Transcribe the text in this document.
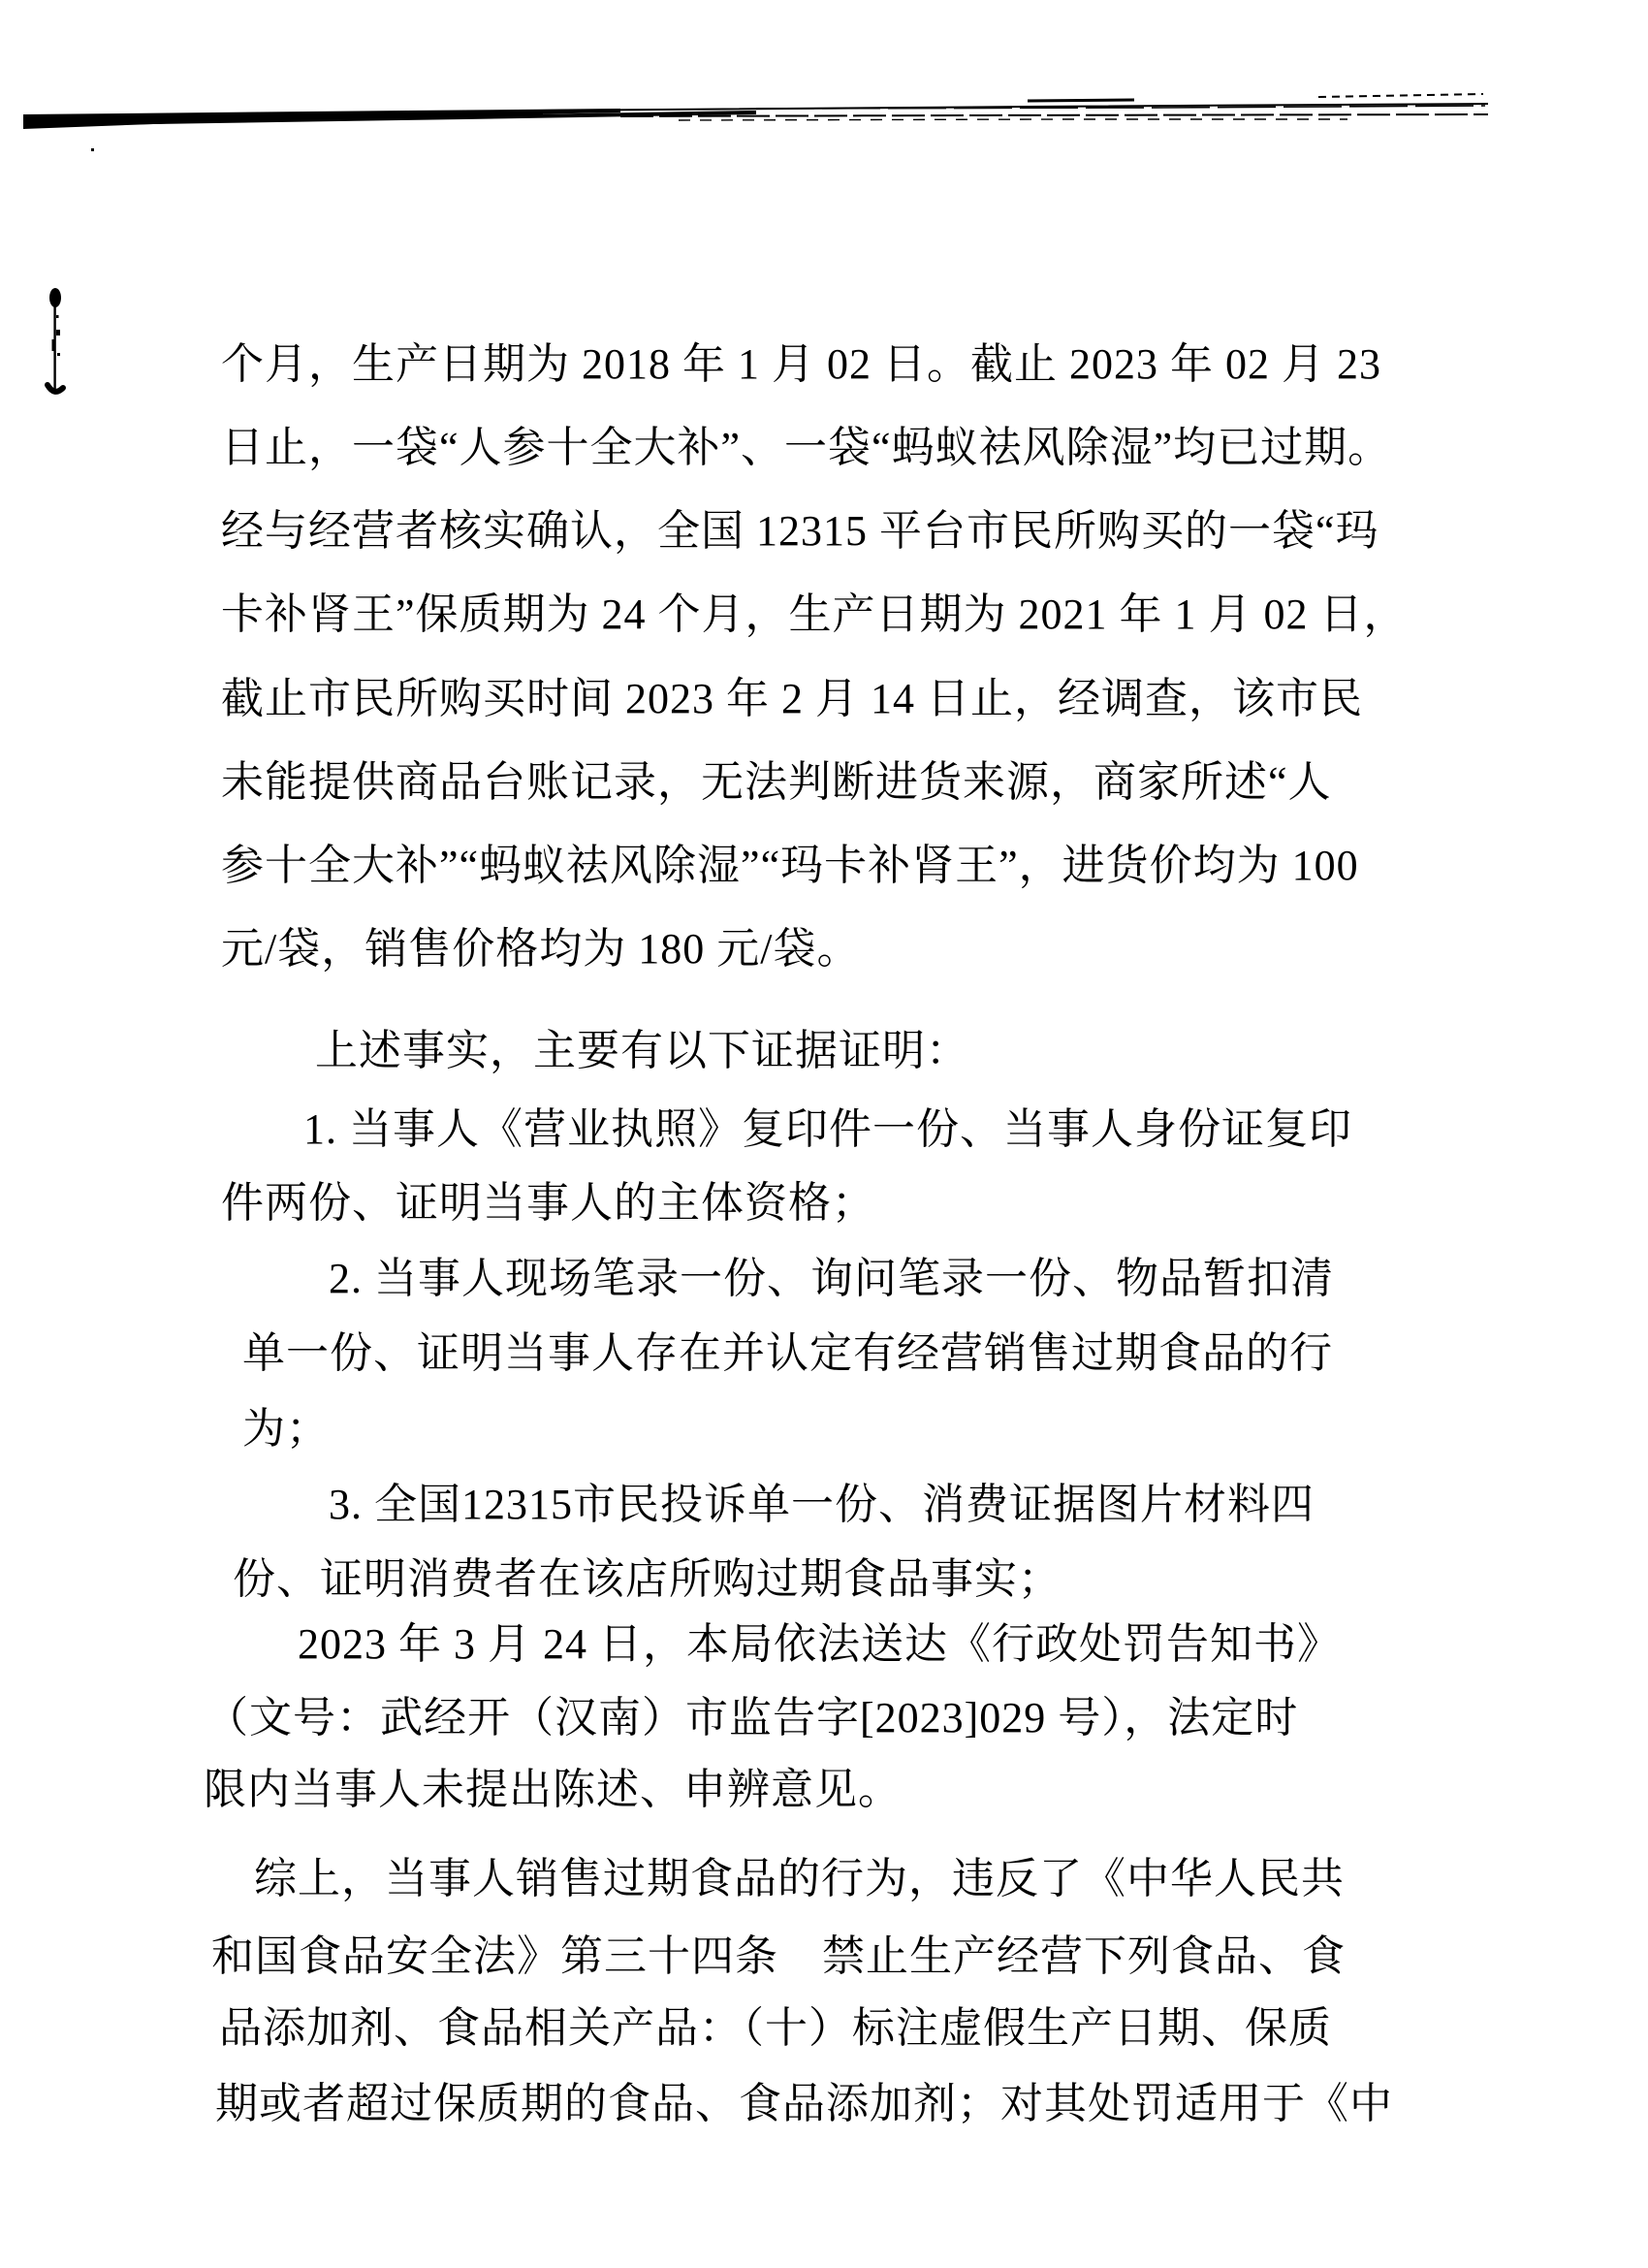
个月，生产日期为 2018 年 1 月 02 日。截止 2023 年 02 月 23
日止，一袋“人参十全大补”、一袋“蚂蚁祛风除湿”均已过期。
经与经营者核实确认，全国 12315 平台市民所购买的一袋“玛
卡补肾王”保质期为 24 个月，生产日期为 2021 年 1 月 02 日，
截止市民所购买时间 2023 年 2 月 14 日止，经调查，该市民
未能提供商品台账记录，无法判断进货来源，商家所述“人
参十全大补”“蚂蚁祛风除湿”“玛卡补肾王”，进货价均为 100
元/袋，销售价格均为 180 元/袋。
上述事实，主要有以下证据证明：
1. 当事人《营业执照》复印件一份、当事人身份证复印
件两份、证明当事人的主体资格；
2. 当事人现场笔录一份、询问笔录一份、物品暂扣清
单一份、证明当事人存在并认定有经营销售过期食品的行
为；
3. 全国12315市民投诉单一份、消费证据图片材料四
份、证明消费者在该店所购过期食品事实；
2023 年 3 月 24 日，本局依法送达《行政处罚告知书》
（文号：武经开（汉南）市监告字[2023]029 号），法定时
限内当事人未提出陈述、申辨意见。
综上，当事人销售过期食品的行为，违反了《中华人民共
和国食品安全法》第三十四条　禁止生产经营下列食品、食
品添加剂、食品相关产品：（十）标注虚假生产日期、保质
期或者超过保质期的食品、食品添加剂；对其处罚适用于《中
